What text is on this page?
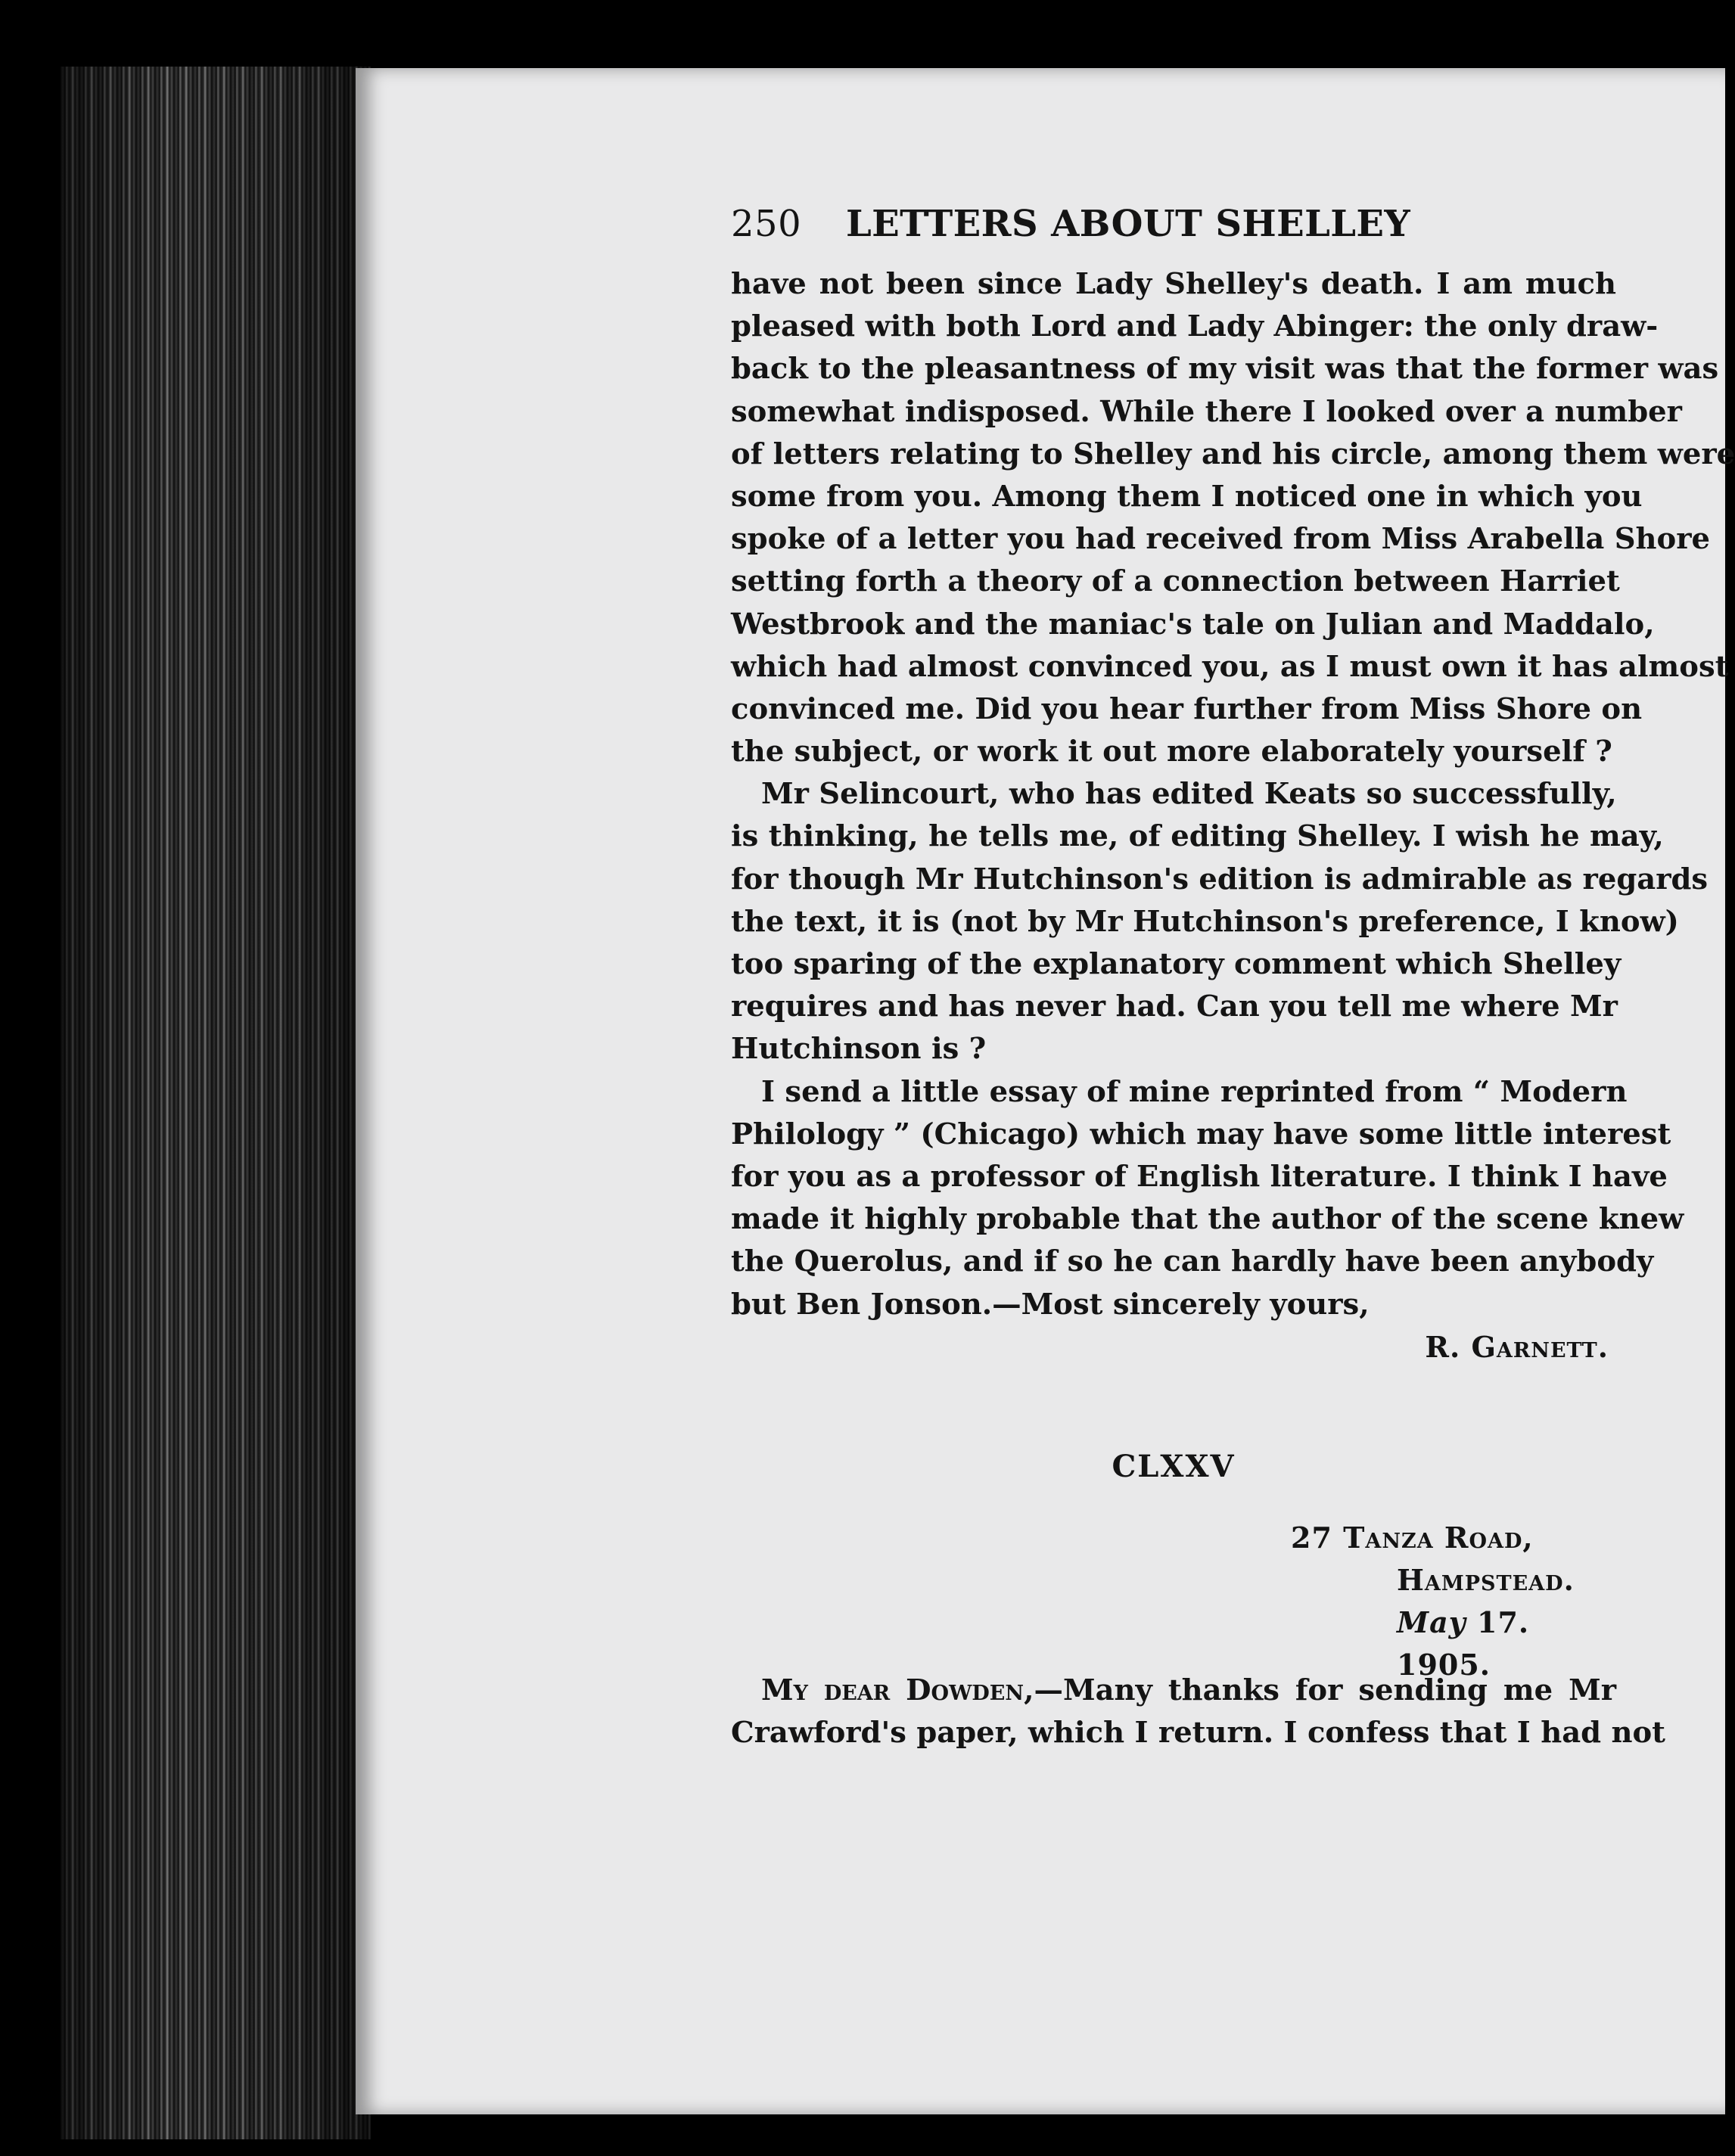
250	LETTERS ABOUT SHELLEY
have not been since Lady Shelley's death. I am much
pleased with both Lord and Lady Abinger: the only draw-
back to the pleasantness of my visit was that the former was
somewhat indisposed. While there I looked over a number
of letters relating to Shelley and his circle, among them were
some from you. Among them I noticed one in which you
spoke of a letter you had received from Miss Arabella Shore
setting forth a theory of a connection between Harriet
Westbrook and the maniac's tale on Julian and Maddalo,
which had almost convinced you, as I must own it has almost
convinced me. Did you hear further from Miss Shore on
the subject, or work it out more elaborately yourself ?
Mr Selincourt, who has edited Keats so successfully,
is thinking, he tells me, of editing Shelley. I wish he may,
for though Mr Hutchinson's edition is admirable as regards
the text, it is (not by Mr Hutchinson's preference, I know)
too sparing of the explanatory comment which Shelley
requires and has never had. Can you tell me where Mr
Hutchinson is ?
I send a little essay of mine reprinted from “ Modern
Philology ” (Chicago) which may have some little interest
for you as a professor of English literature. I think I have
made it highly probable that the author of the scene knew
the Querolus, and if so he can hardly have been anybody
but Ben Jonson.—Most sincerely yours,
R. Garnett.
CLXXV
27 Tanza Road,
Hampstead.
May 17. 1905.
My dear Dowden,—Many thanks for sending me Mr
Crawford's paper, which I return. I confess that I had not
